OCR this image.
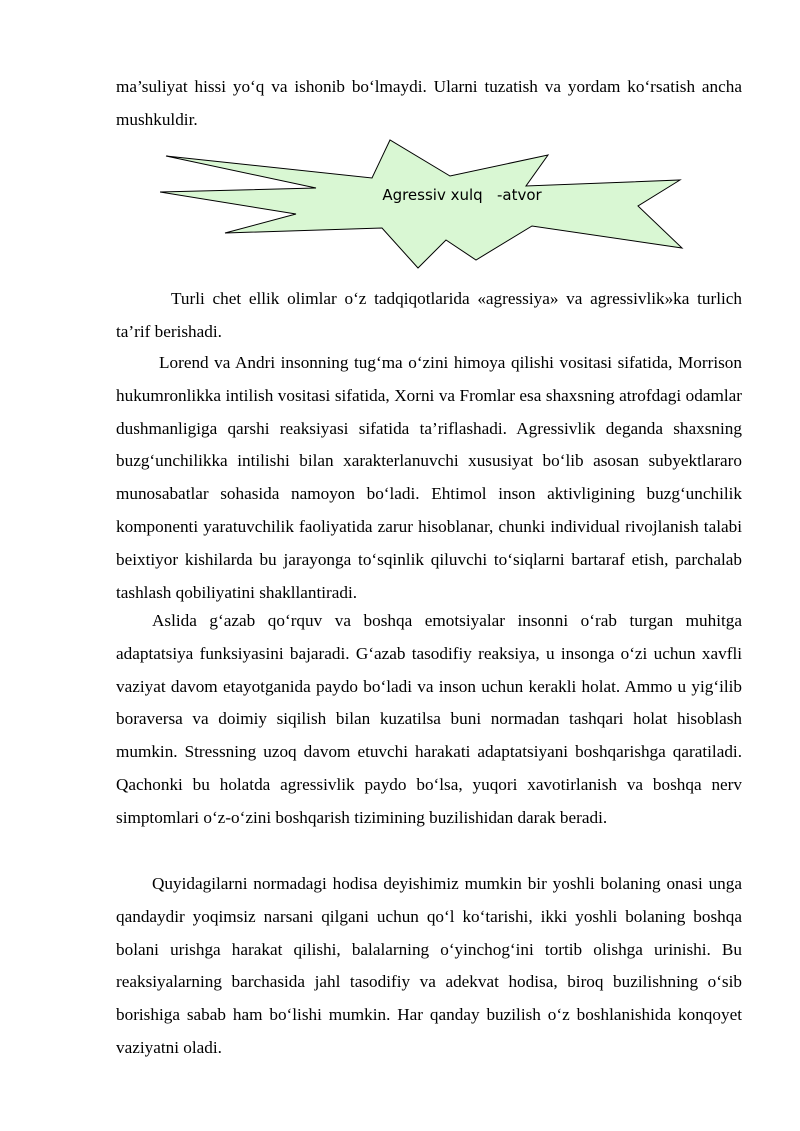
ma’suliyat hissi yo‘q va ishonib bo‘lmaydi. Ularni tuzatish va yordam ko‘rsatish ancha mushkuldir.

Agressiv xulq   -atvor

Turli chet ellik olimlar o‘z tadqiqotlarida «agressiya» va agressivlik»ka turlich ta’rif berishadi.

Lorend va Andri insonning tug‘ma o‘zini himoya qilishi vositasi sifatida, Morrison hukumronlikka intilish vositasi sifatida, Xorni va Fromlar esa shaxsning atrofdagi odamlar dushmanligiga qarshi reaksiyasi sifatida ta’riflashadi. Agressivlik deganda shaxsning buzg‘unchilikka intilishi bilan xarakterlanuvchi xususiyat bo‘lib asosan subyektlararo munosabatlar sohasida namoyon bo‘ladi. Ehtimol inson aktivligining buzg‘unchilik komponenti yaratuvchilik faoliyatida zarur hisoblanar, chunki individual rivojlanish talabi beixtiyor kishilarda bu jarayonga to‘sqinlik qiluvchi to‘siqlarni bartaraf etish, parchalab tashlash qobiliyatini shakllantiradi.

Aslida g‘azab qo‘rquv va boshqa emotsiyalar insonni o‘rab turgan muhitga adaptatsiya funksiyasini bajaradi. G‘azab tasodifiy reaksiya, u insonga o‘zi uchun xavfli vaziyat davom etayotganida paydo bo‘ladi va inson uchun kerakli holat. Ammo u yig‘ilib boraversa va doimiy siqilish bilan kuzatilsa buni normadan tashqari holat hisoblash mumkin. Stressning uzoq davom etuvchi harakati adaptatsiyani boshqarishga qaratiladi. Qachonki bu holatda agressivlik paydo bo‘lsa, yuqori xavotirlanish va boshqa nerv simptomlari o‘z-o‘zini boshqarish tizimining buzilishidan darak beradi.

Quyidagilarni normadagi hodisa deyishimiz mumkin bir yoshli bolaning onasi unga qandaydir yoqimsiz narsani qilgani uchun qo‘l ko‘tarishi, ikki yoshli bolaning boshqa bolani urishga harakat qilishi, balalarning o‘yinchog‘ini tortib olishga urinishi. Bu reaksiyalarning barchasida jahl tasodifiy va adekvat hodisa, biroq buzilishning o‘sib borishiga sabab ham bo‘lishi mumkin. Har qanday buzilish o‘z boshlanishida konqoyet vaziyatni oladi.
